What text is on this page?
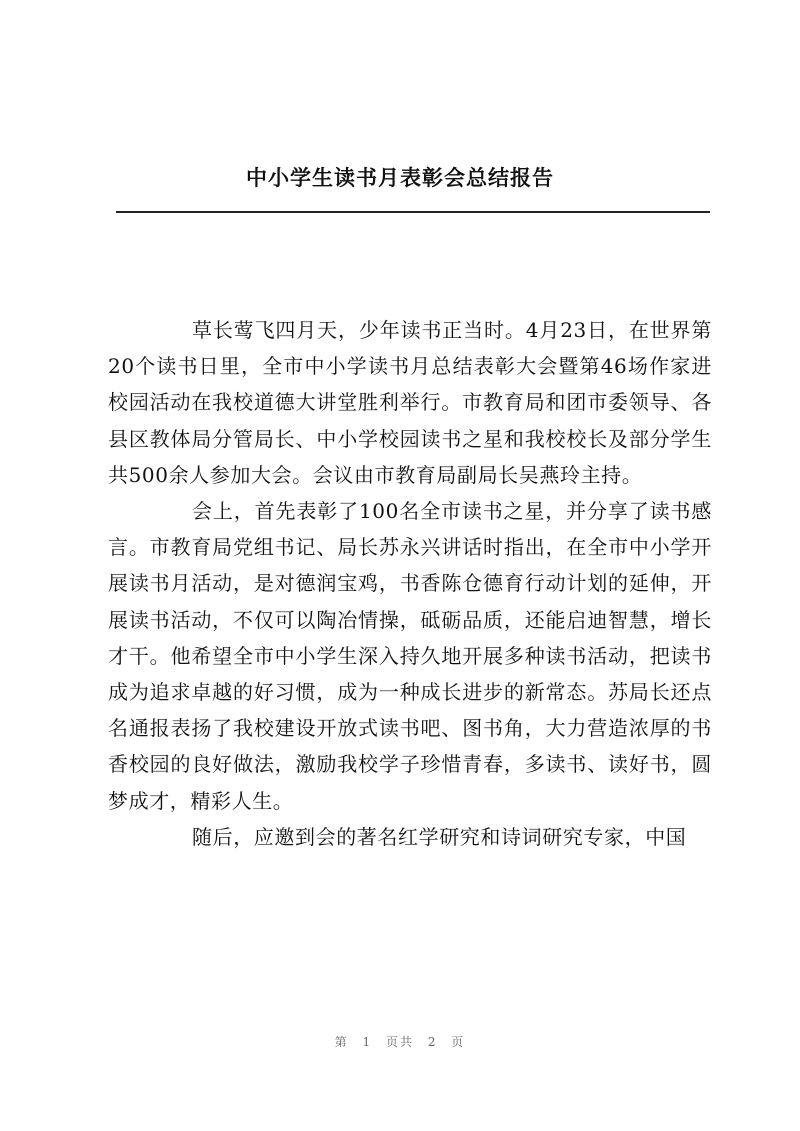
中小学生读书月表彰会总结报告

草长莺飞四月天，少年读书正当时。4月23日，在世界第20个读书日里，全市中小学读书月总结表彰大会暨第46场作家进校园活动在我校道德大讲堂胜利举行。市教育局和团市委领导、各县区教体局分管局长、中小学校园读书之星和我校校长及部分学生共500余人参加大会。会议由市教育局副局长吴燕玲主持。

会上，首先表彰了100名全市读书之星，并分享了读书感言。市教育局党组书记、局长苏永兴讲话时指出，在全市中小学开展读书月活动，是对德润宝鸡，书香陈仓德育行动计划的延伸，开展读书活动，不仅可以陶冶情操，砥砺品质，还能启迪智慧，增长才干。他希望全市中小学生深入持久地开展多种读书活动，把读书成为追求卓越的好习惯，成为一种成长进步的新常态。苏局长还点名通报表扬了我校建设开放式读书吧、图书角，大力营造浓厚的书香校园的良好做法，激励我校学子珍惜青春，多读书、读好书，圆梦成才，精彩人生。

随后，应邀到会的著名红学研究和诗词研究专家，中国

第 1 页共 2 页
